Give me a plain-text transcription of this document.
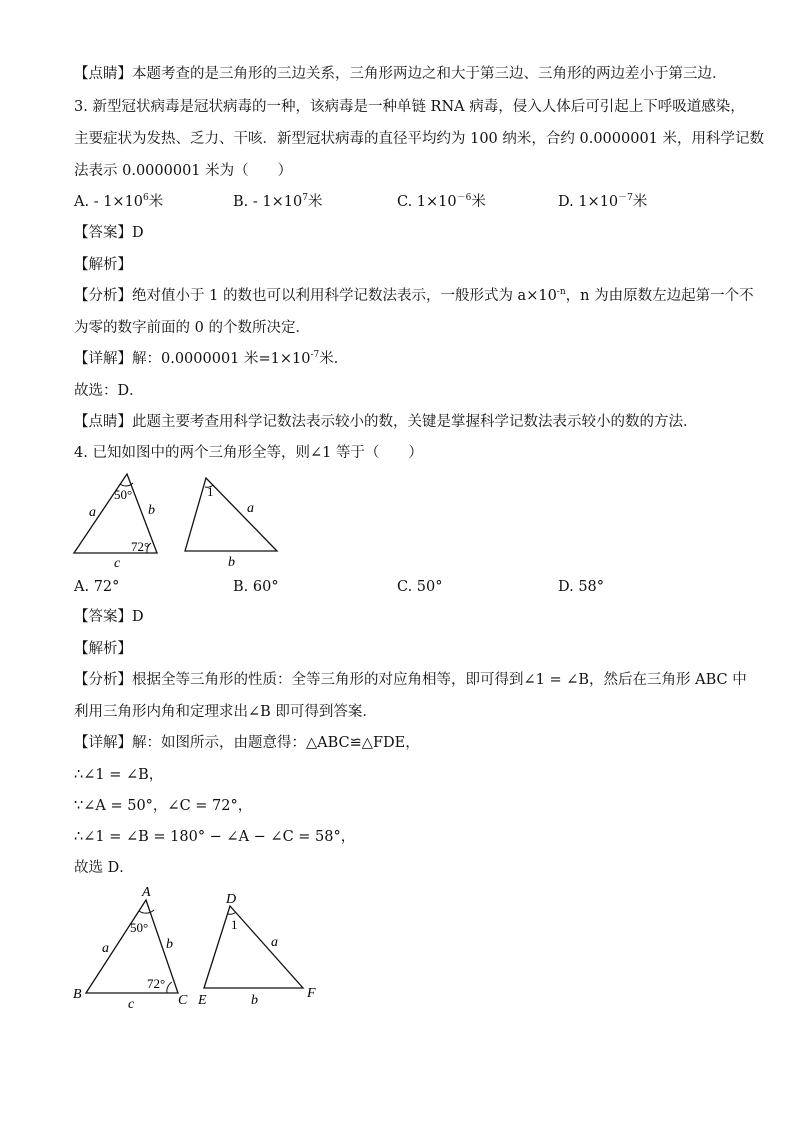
【点睛】本题考查的是三角形的三边关系，三角形两边之和大于第三边、三角形的两边差小于第三边．
3. 新型冠状病毒是冠状病毒的一种，该病毒是一种单链 RNA 病毒，侵入人体后可引起上下呼吸道感染，
主要症状为发热、乏力、干咳．新型冠状病毒的直径平均约为 100 纳米，合约 0.0000001 米，用科学记数
法表示 0.0000001 米为（　　）
A. - $1\times 10^6$米	B. - $1\times 10^7$米	C. $1\times 10^{-6}$米	D. $1\times 10^{-7}$米
【答案】D
【解析】
【分析】绝对值小于 1 的数也可以利用科学记数法表示，一般形式为 $a\times 10^{-n}$，n 为由原数左边起第一个不
为零的数字前面的 0 的个数所决定．
【详解】解：0.0000001 米$=1\times 10^{-7}$米．
故选：D．
【点睛】此题主要考查用科学记数法表示较小的数，关键是掌握科学记数法表示较小的数的方法．
4. 已知如图中的两个三角形全等，则∠1 等于（　　）
50°
72°
a	b
c
1
a
b
A. 72°	B. 60°	C. 50°	D. 58°
【答案】D
【解析】
【分析】根据全等三角形的性质：全等三角形的对应角相等，即可得到∠1 = ∠B，然后在三角形 ABC 中
利用三角形内角和定理求出∠B 即可得到答案．
【详解】解：如图所示，由题意得：△ABC≌△FDE，
∴∠1 = ∠B，
∵∠A = 50°，∠C = 72°，
∴∠1 = ∠B = 180° − ∠A − ∠C = 58°，
故选 D．
A
B	C
50°
72°
a	b
c
D
E	F
1
a
b
